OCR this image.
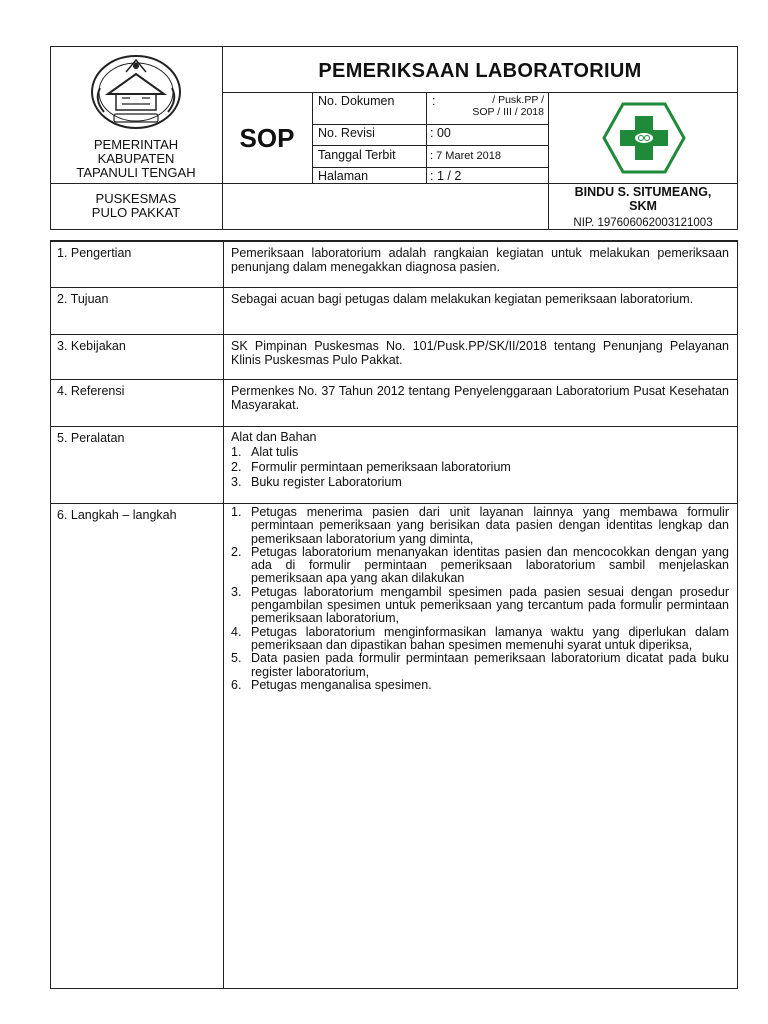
PEMERINTAH
KABUPATEN
TAPANULI TENGAH
PUSKESMAS
PULO PAKKAT
PEMERIKSAAN LABORATORIUM
SOP
No. Dokumen	:	/ Pusk.PP /
SOP / III / 2018
No. Revisi	: 00
Tanggal Terbit	: 7 Maret 2018
Halaman	: 1 / 2
BINDU S. SITUMEANG,
SKM
NIP. 197606062003121003
1. Pengertian	Pemeriksaan laboratorium adalah rangkaian kegiatan untuk melakukan pemeriksaan penunjang dalam menegakkan diagnosa pasien.
2. Tujuan	Sebagai acuan bagi petugas dalam melakukan kegiatan pemeriksaan laboratorium.
3. Kebijakan	SK Pimpinan Puskesmas No. 101/Pusk.PP/SK/II/2018 tentang Penunjang Pelayanan Klinis Puskesmas Pulo Pakkat.
4. Referensi	Permenkes No. 37 Tahun 2012 tentang Penyelenggaraan Laboratorium Pusat Kesehatan Masyarakat.
5. Peralatan	Alat dan Bahan

1. Alat tulis
2. Formulir permintaan pemeriksaan laboratorium
3. Buku register Laboratorium
6. Langkah – langkah	1. Petugas menerima pasien dari unit layanan lainnya yang membawa formulir permintaan pemeriksaan yang berisikan data pasien dengan identitas lengkap dan pemeriksaan laboratorium yang diminta,
2. Petugas laboratorium menanyakan identitas pasien dan mencocokkan dengan yang ada di formulir permintaan pemeriksaan laboratorium sambil menjelaskan pemeriksaan apa yang akan dilakukan
3. Petugas laboratorium mengambil spesimen pada pasien sesuai dengan prosedur pengambilan spesimen untuk pemeriksaan yang tercantum pada formulir permintaan pemeriksaan laboratorium,
4. Petugas laboratorium menginformasikan lamanya waktu yang diperlukan dalam pemeriksaan dan dipastikan bahan spesimen memenuhi syarat untuk diperiksa,
5. Data pasien pada formulir permintaan pemeriksaan laboratorium dicatat pada buku register laboratorium,
6. Petugas menganalisa spesimen.
